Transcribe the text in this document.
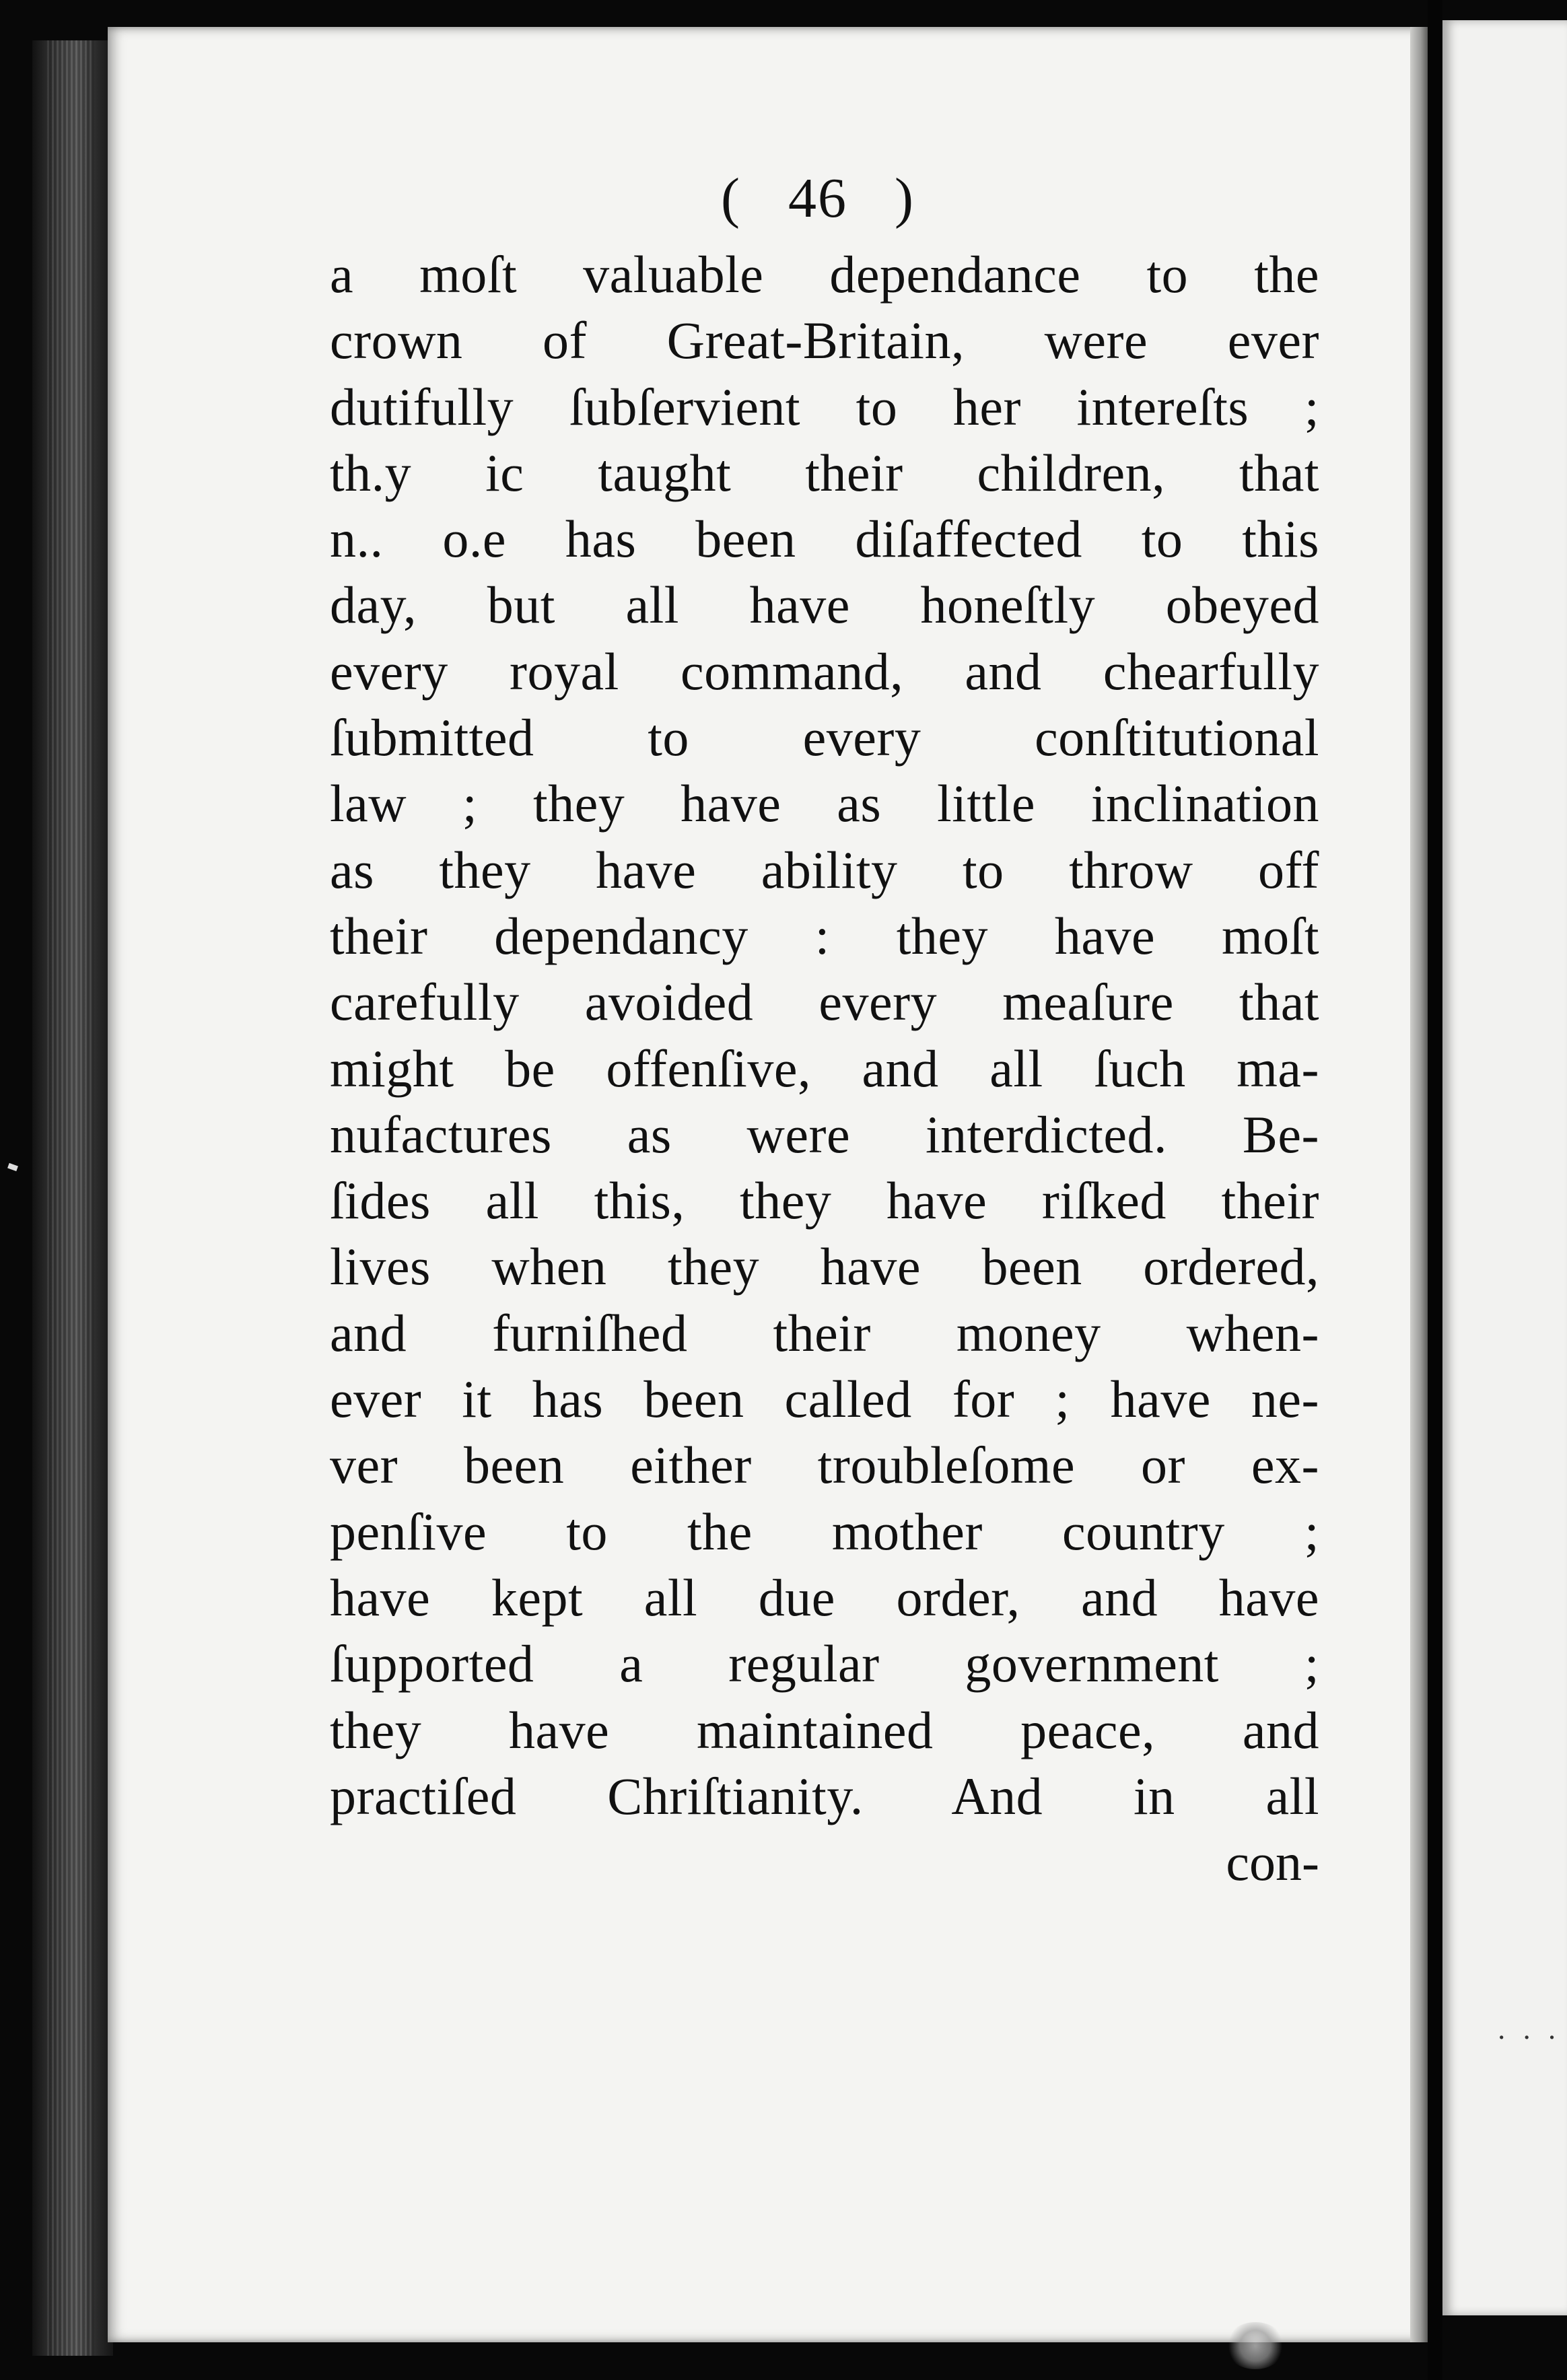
· · ·
( 46 )
a moſt valuable dependance to the
crown of Great-Britain, were ever
dutifully ſubſervient to her intereſts ;
th.y ic taught their children, that
n.. o.e has been diſaffected to this
day, but all have honeſtly obeyed
every royal command, and chearfully
ſubmitted to every conſtitutional
law ; they have as little inclination
as they have ability to throw off
their dependancy : they have moſt
carefully avoided every meaſure that
might be offenſive, and all ſuch ma-
nufactures as were interdicted. Be-
ſides all this, they have riſked their
lives when they have been ordered,
and furniſhed their money when-
ever it has been called for ; have ne-
ver been either troubleſome or ex-
penſive to the mother country ;
have kept all due order, and have
ſupported a regular government ;
they have maintained peace, and
practiſed Chriſtianity. And in all
con-
